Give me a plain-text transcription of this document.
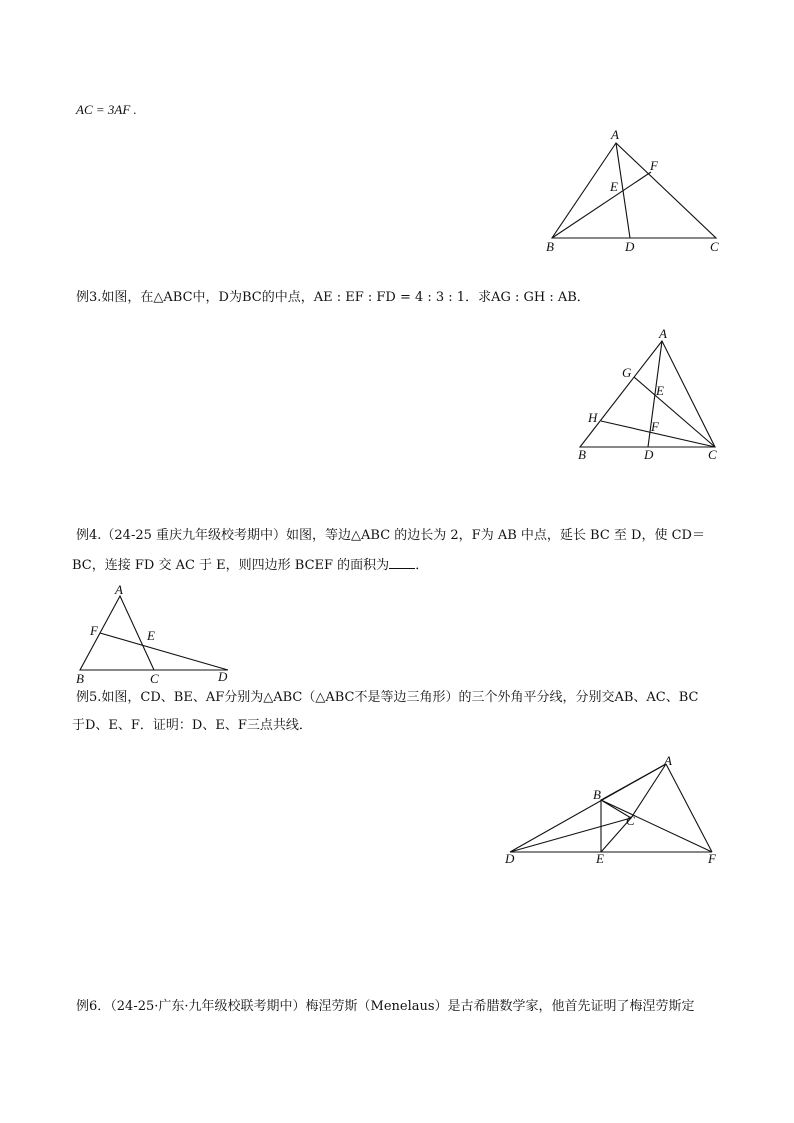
AC = 3AF .
A
F
E
B	D	C
例3.如图，在△ABC中，D为BC的中点，AE : EF : FD = 4 : 3 : 1．求AG : GH : AB．
A
G
E
H
F
B	D	C
例4.（24-25 重庆九年级校考期中）如图，等边△ABC 的边长为 2，F为 AB 中点，延长 BC 至 D，使 CD＝
BC，连接 FD 交 AC 于 E，则四边形 BCEF 的面积为 ．
A
F	E
B	C	D
例5.如图，CD、BE、AF分别为△ABC（△ABC不是等边三角形）的三个外角平分线，分别交AB、AC、BC
于D、E、F．证明：D、E、F三点共线．
A
B
C
D	E	F
例6．（24-25·广东·九年级校联考期中）梅涅劳斯（Menelaus）是古希腊数学家，他首先证明了梅涅劳斯定
